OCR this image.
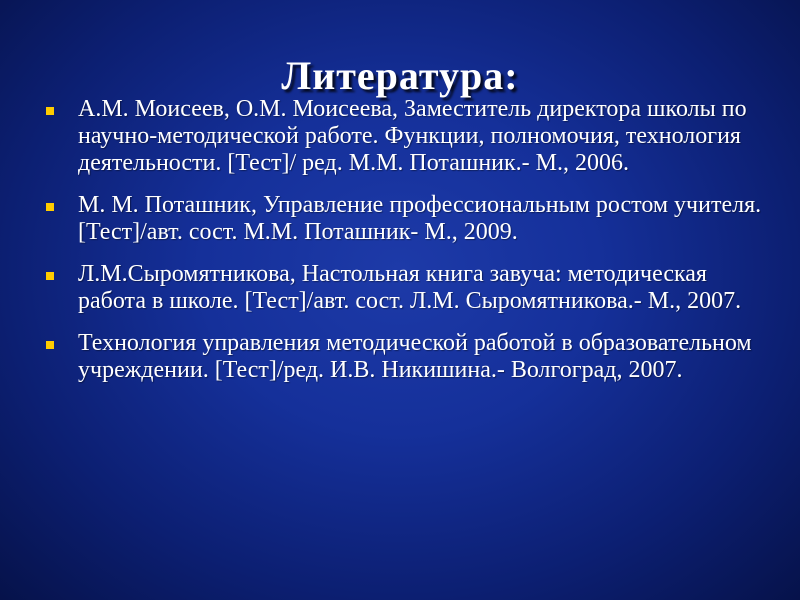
Литература:
А.М. Моисеев, О.М. Моисеева, Заместитель директора школы по научно-методической работе. Функции, полномочия, технология деятельности. [Тест]/ ред. М.М. Поташник.- М., 2006.
М. М. Поташник, Управление профессиональным ростом учителя. [Тест]/авт. сост. М.М. Поташник- М., 2009.
Л.М.Сыромятникова, Настольная книга завуча: методическая работа в школе. [Тест]/авт. сост. Л.М. Сыромятникова.- М., 2007.
Технология управления методической работой в образовательном учреждении. [Тест]/ред. И.В. Никишина.- Волгоград, 2007.
